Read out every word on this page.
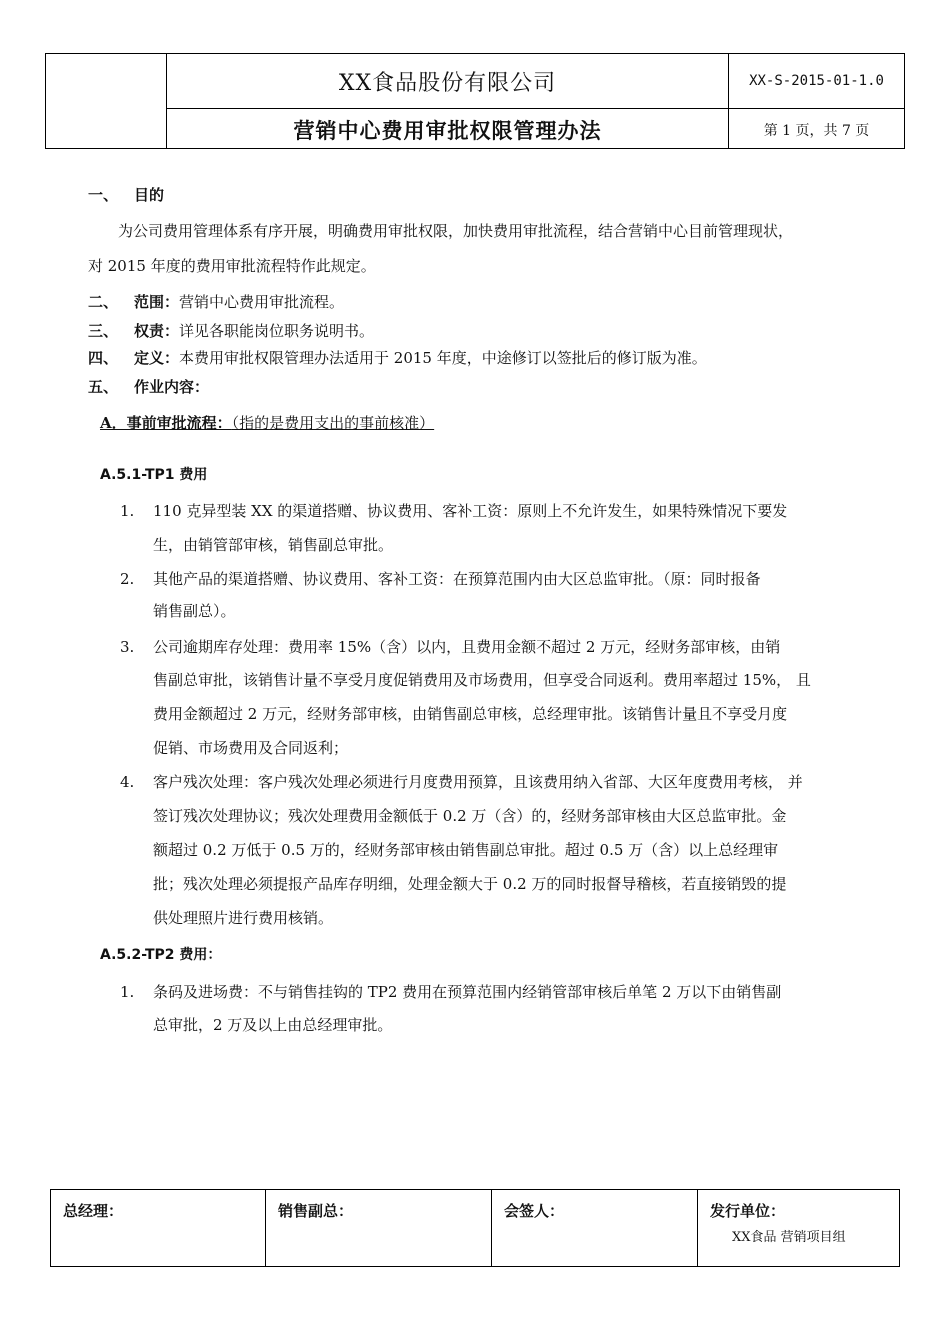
XX食品股份有限公司
营销中心费用审批权限管理办法
XX-S-2015-01-1.0
第 1 页，共 7 页
一、 目的
为公司费用管理体系有序开展，明确费用审批权限，加快费用审批流程，结合营销中心目前管理现状，
对 2015 年度的费用审批流程特作此规定。
二、 范围：营销中心费用审批流程。
三、 权责：详见各职能岗位职务说明书。
四、 定义：本费用审批权限管理办法适用于 2015 年度，中途修订以签批后的修订版为准。
五、 作业内容：
A．事前审批流程：（指的是费用支出的事前核准）
A.5.1-TP1 费用
1. 110 克异型装 XX 的渠道搭赠、协议费用、客补工资：原则上不允许发生，如果特殊情况下要发
生，由销管部审核，销售副总审批。
2. 其他产品的渠道搭赠、协议费用、客补工资：在预算范围内由大区总监审批。（原：同时报备
销售副总）。
3. 公司逾期库存处理：费用率 15%（含）以内，且费用金额不超过 2 万元，经财务部审核，由销
售副总审批，该销售计量不享受月度促销费用及市场费用，但享受合同返利。费用率超过 15%， 且
费用金额超过 2 万元，经财务部审核，由销售副总审核，总经理审批。该销售计量且不享受月度
促销、市场费用及合同返利；
4. 客户残次处理：客户残次处理必须进行月度费用预算，且该费用纳入省部、大区年度费用考核， 并
签订残次处理协议；残次处理费用金额低于 0.2 万（含）的，经财务部审核由大区总监审批。金
额超过 0.2 万低于 0.5 万的，经财务部审核由销售副总审批。超过 0.5 万（含）以上总经理审
批；残次处理必须提报产品库存明细，处理金额大于 0.2 万的同时报督导稽核，若直接销毁的提
供处理照片进行费用核销。
A.5.2-TP2 费用：
1. 条码及进场费：不与销售挂钩的 TP2 费用在预算范围内经销管部审核后单笔 2 万以下由销售副
总审批，2 万及以上由总经理审批。
总经理：	销售副总：	会签人：	发行单位：
XX食品 营销项目组
